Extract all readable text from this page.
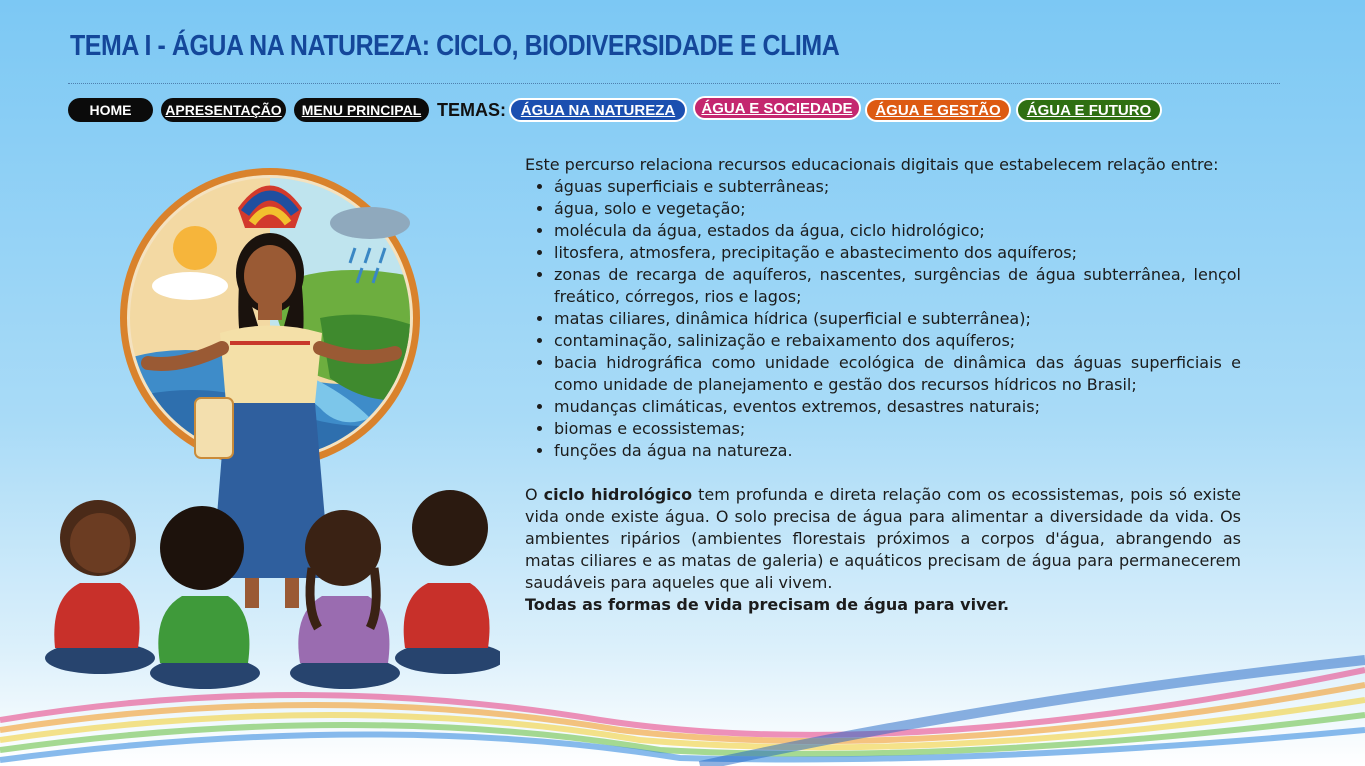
TEMA I - ÁGUA NA NATUREZA: CICLO, BIODIVERSIDADE E CLIMA
HOME APRESENTAÇÃO MENU PRINCIPAL TEMAS: ÁGUA NA NATUREZA ÁGUA E SOCIEDADE ÁGUA E GESTÃO ÁGUA E FUTURO

Este percurso relaciona recursos educacionais digitais que estabelecem relação entre:

• águas superficiais e subterrâneas;
• água, solo e vegetação;
• molécula da água, estados da água, ciclo hidrológico;
• litosfera, atmosfera, precipitação e abastecimento dos aquíferos;
• zonas de recarga de aquíferos, nascentes, surgências de água subterrânea, lençol freático, córregos, rios e lagos;
• matas ciliares, dinâmica hídrica (superficial e subterrânea);
• contaminação, salinização e rebaixamento dos aquíferos;
• bacia hidrográfica como unidade ecológica de dinâmica das águas superficiais e como unidade de planejamento e gestão dos recursos hídricos no Brasil;
• mudanças climáticas, eventos extremos, desastres naturais;
• biomas e ecossistemas;
• funções da água na natureza.

O ciclo hidrológico tem profunda e direta relação com os ecossistemas, pois só existe vida onde existe água. O solo precisa de água para alimentar a diversidade da vida. Os ambientes ripários (ambientes florestais próximos a corpos d'água, abrangendo as matas ciliares e as matas de galeria) e aquáticos precisam de água para permanecerem saudáveis para aqueles que ali vivem.

Todas as formas de vida precisam de água para viver.
